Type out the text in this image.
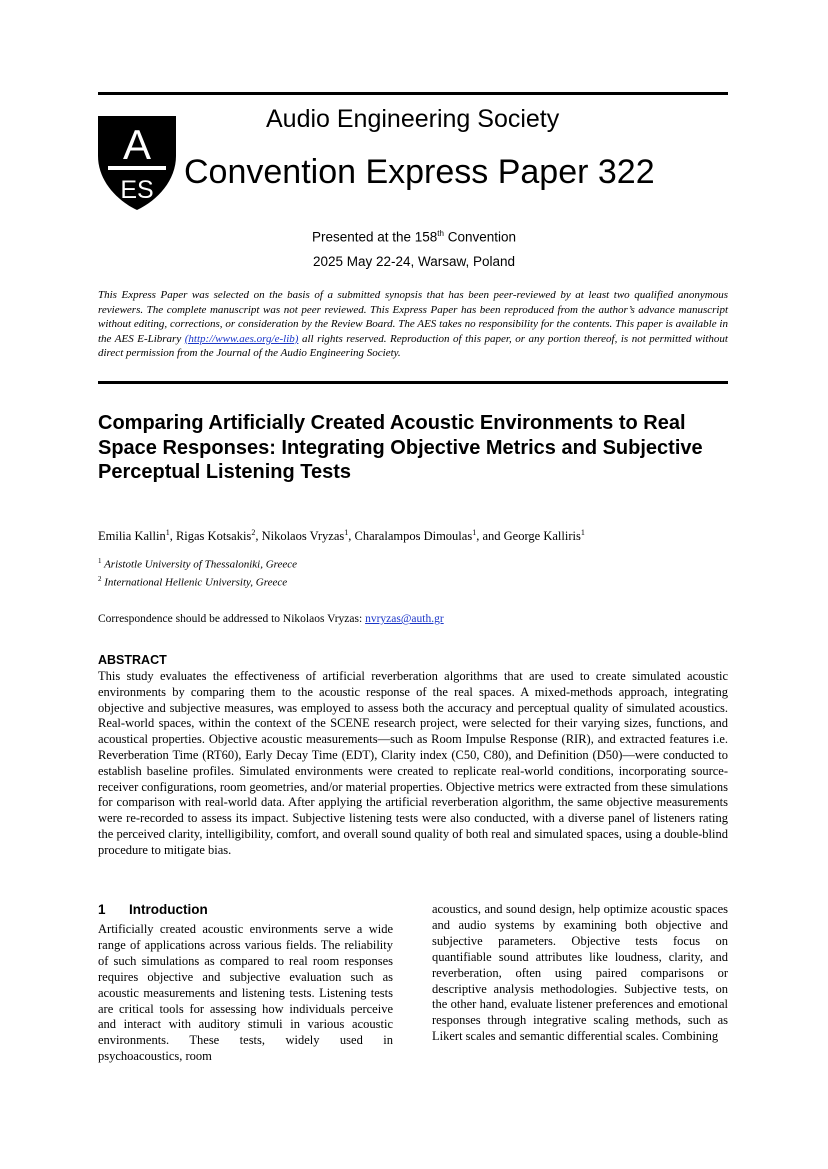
A
ES
Audio Engineering Society
Convention Express Paper 322
Presented at the 158th Convention
2025 May 22-24, Warsaw, Poland
This Express Paper was selected on the basis of a submitted synopsis that has been peer-reviewed by at least two qualified anonymous reviewers. The complete manuscript was not peer reviewed. This Express Paper has been reproduced from the author’s advance manuscript without editing, corrections, or consideration by the Review Board. The AES takes no responsibility for the contents. This paper is available in the AES E-Library (http://www.aes.org/e-lib) all rights reserved. Reproduction of this paper, or any portion thereof, is not permitted without direct permission from the Journal of the Audio Engineering Society.
Comparing Artificially Created Acoustic Environments to Real Space Responses: Integrating Objective Metrics and Subjective Perceptual Listening Tests
Emilia Kallin$^1$, Rigas Kotsakis$^2$, Nikolaos Vryzas$^1$, Charalampos Dimoulas$^1$, and George Kalliris$^1$
$^1$ Aristotle University of Thessaloniki, Greece
$^2$ International Hellenic University, Greece
Correspondence should be addressed to Nikolaos Vryzas: nvryzas@auth.gr
ABSTRACT
This study evaluates the effectiveness of artificial reverberation algorithms that are used to create simulated acoustic environments by comparing them to the acoustic response of the real spaces. A mixed-methods approach, integrating objective and subjective measures, was employed to assess both the accuracy and perceptual quality of simulated acoustics. Real-world spaces, within the context of the SCENE research project, were selected for their varying sizes, functions, and acoustical properties. Objective acoustic measurements—such as Room Impulse Response (RIR), and extracted features i.e. Reverberation Time (RT60), Early Decay Time (EDT), Clarity index (C50, C80), and Definition (D50)—were conducted to establish baseline profiles. Simulated environments were created to replicate real-world conditions, incorporating source-receiver configurations, room geometries, and/or material properties. Objective metrics were extracted from these simulations for comparison with real-world data. After applying the artificial reverberation algorithm, the same objective measurements were re-recorded to assess its impact. Subjective listening tests were also conducted, with a diverse panel of listeners rating the perceived clarity, intelligibility, comfort, and overall sound quality of both real and simulated spaces, using a double-blind procedure to mitigate bias.
1 Introduction
Artificially created acoustic environments serve a wide range of applications across various fields. The reliability of such simulations as compared to real room responses requires objective and subjective evaluation such as acoustic measurements and listening tests. Listening tests are critical tools for assessing how individuals perceive and interact with auditory stimuli in various acoustic environments. These tests, widely used in psychoacoustics, room
acoustics, and sound design, help optimize acoustic spaces and audio systems by examining both objective and subjective parameters. Objective tests focus on quantifiable sound attributes like loudness, clarity, and reverberation, often using paired comparisons or descriptive analysis methodologies. Subjective tests, on the other hand, evaluate listener preferences and emotional responses through integrative scaling methods, such as Likert scales and semantic differential scales. Combining
